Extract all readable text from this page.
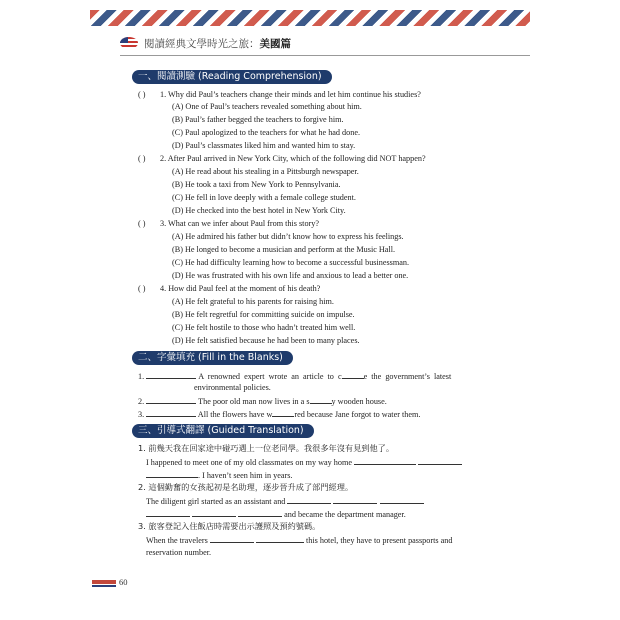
閱讀經典文學時光之旅：美國篇
一、閱讀測驗 (Reading Comprehension)
( ) 1. Why did Paul’s teachers change their minds and let him continue his studies?
(A) One of Paul’s teachers revealed something about him.
(B) Paul’s father begged the teachers to forgive him.
(C) Paul apologized to the teachers for what he had done.
(D) Paul’s classmates liked him and wanted him to stay.
( ) 2. After Paul arrived in New York City, which of the following did NOT happen?
(A) He read about his stealing in a Pittsburgh newspaper.
(B) He took a taxi from New York to Pennsylvania.
(C) He fell in love deeply with a female college student.
(D) He checked into the best hotel in New York City.
( ) 3. What can we infer about Paul from this story?
(A) He admired his father but didn’t know how to express his feelings.
(B) He longed to become a musician and perform at the Music Hall.
(C) He had difficulty learning how to become a successful businessman.
(D) He was frustrated with his own life and anxious to lead a better one.
( ) 4. How did Paul feel at the moment of his death?
(A) He felt grateful to his parents for raising him.
(B) He felt regretful for committing suicide on impulse.
(C) He felt hostile to those who hadn’t treated him well.
(D) He felt satisfied because he had been to many places.
二、字彙填充 (Fill in the Blanks)
1.	A renowned expert wrote an article to c	e the government’s latest
environmental policies.
2.	The poor old man now lives in a s	y wooden house.
3.	All the flowers have w	red because Jane forgot to water them.
三、引導式翻譯 (Guided Translation)
1. 前幾天我在回家途中碰巧遇上一位老同學。我很多年沒有見到他了。
I happened to meet one of my old classmates on my way home
. I haven’t seen him in years.
2. 這個勤奮的女孩起初是名助理，逐步晉升成了部門經理。
The diligent girl started as an assistant and
and became the department manager.
3. 旅客登記入住飯店時需要出示護照及預約號碼。
When the travelers	this hotel, they have to present passports and
reservation number.
60
